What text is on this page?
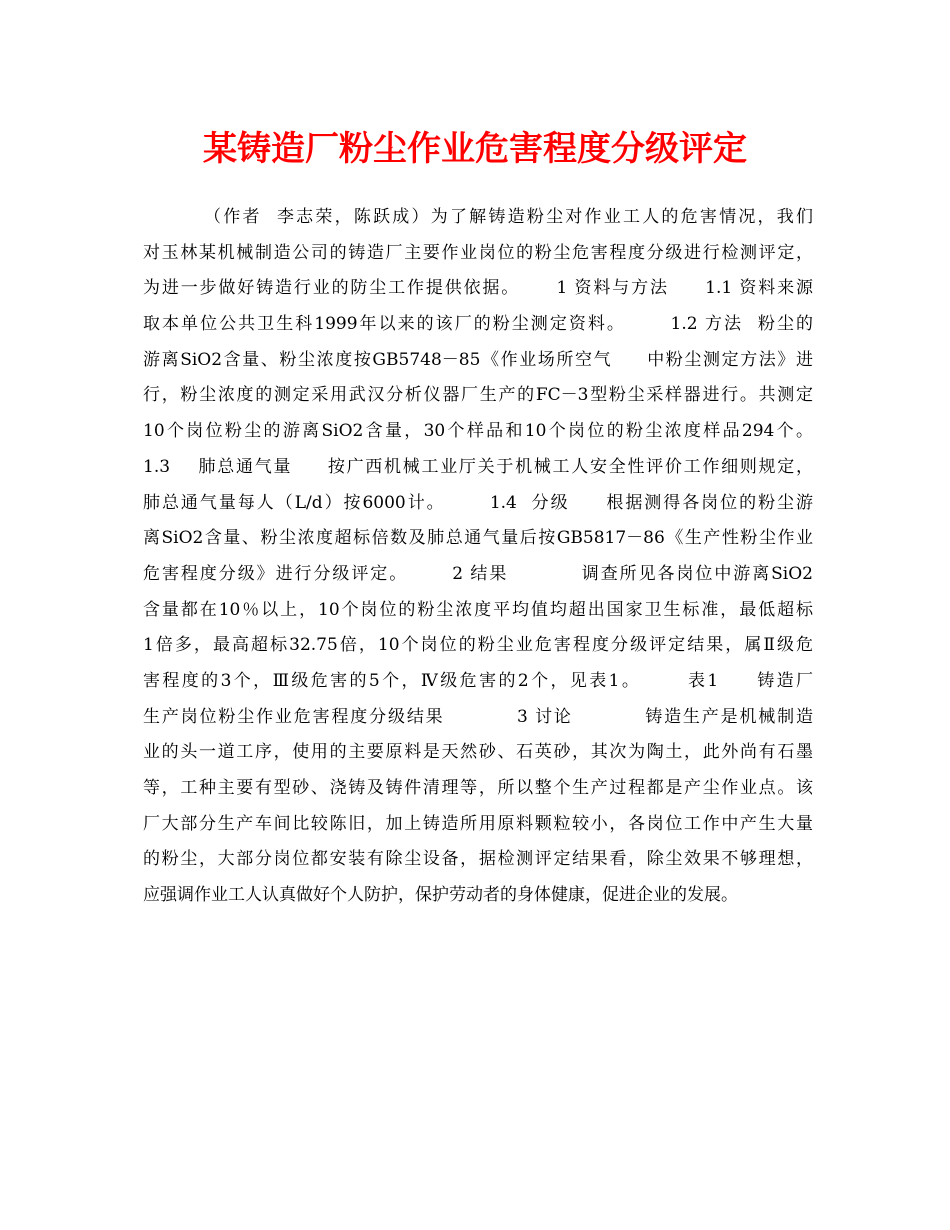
某铸造厂粉尘作业危害程度分级评定
（作者  李志荣，陈跃成）为了解铸造粉尘对作业工人的危害情况，我们
对玉林某机械制造公司的铸造厂主要作业岗位的粉尘危害程度分级进行检测评定，
为进一步做好铸造行业的防尘工作提供依据。     1 资料与方法     1.1 资料来源
取本单位公共卫生科1999年以来的该厂的粉尘测定资料。      1.2 方法  粉尘的
游离SiO2含量、粉尘浓度按GB5748－85《作业场所空气     中粉尘测定方法》进
行，粉尘浓度的测定采用武汉分析仪器厂生产的FC－3型粉尘采样器进行。共测定
10个岗位粉尘的游离SiO2含量，30个样品和10个岗位的粉尘浓度样品294个。
1.3    肺总通气量     按广西机械工业厅关于机械工人安全性评价工作细则规定，
肺总通气量每人（L/d）按6000计。      1.4  分级     根据测得各岗位的粉尘游
离SiO2含量、粉尘浓度超标倍数及肺总通气量后按GB5817－86《生产性粉尘作业
危害程度分级》进行分级评定。      2 结果          调查所见各岗位中游离SiO2
含量都在10％以上，10个岗位的粉尘浓度平均值均超出国家卫生标准，最低超标
1倍多，最高超标32.75倍，10个岗位的粉尘业危害程度分级评定结果，属Ⅱ级危
害程度的3个，Ⅲ级危害的5个，Ⅳ级危害的2个，见表1。      表1     铸造厂
生产岗位粉尘作业危害程度分级结果          3 讨论          铸造生产是机械制造
业的头一道工序，使用的主要原料是天然砂、石英砂，其次为陶土，此外尚有石墨
等，工种主要有型砂、浇铸及铸件清理等，所以整个生产过程都是产尘作业点。该
厂大部分生产车间比较陈旧，加上铸造所用原料颗粒较小，各岗位工作中产生大量
的粉尘，大部分岗位都安装有除尘设备，据检测评定结果看，除尘效果不够理想，
应强调作业工人认真做好个人防护，保护劳动者的身体健康，促进企业的发展。
